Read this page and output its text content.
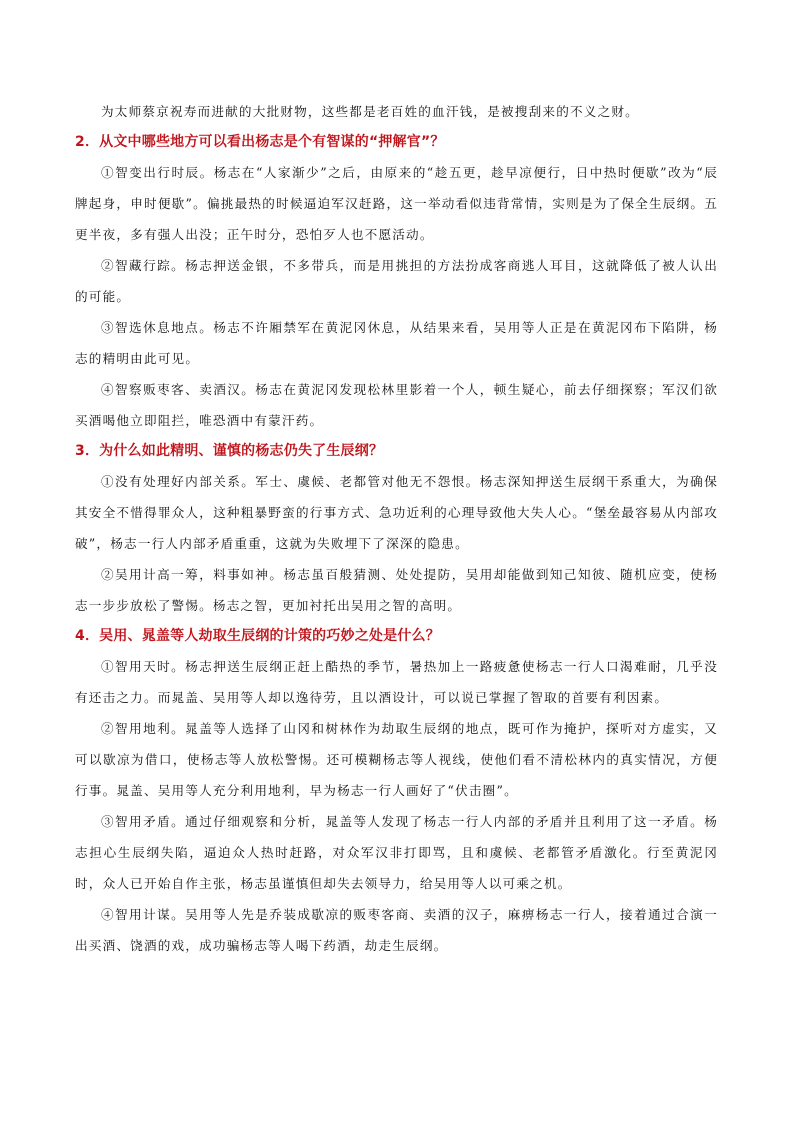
为太师蔡京祝寿而进献的大批财物，这些都是老百姓的血汗钱，是被搜刮来的不义之财。

2．从文中哪些地方可以看出杨志是个有智谋的“押解官”？

①智变出行时辰。杨志在“人家渐少”之后，由原来的“趁五更，趁早凉便行，日中热时便歇”改为“辰牌起身，申时便歇”。偏挑最热的时候逼迫军汉赶路，这一举动看似违背常情，实则是为了保全生辰纲。五更半夜，多有强人出没；正午时分，恐怕歹人也不愿活动。

②智藏行踪。杨志押送金银，不多带兵，而是用挑担的方法扮成客商逃人耳目，这就降低了被人认出的可能。

③智选休息地点。杨志不许厢禁军在黄泥冈休息，从结果来看，吴用等人正是在黄泥冈布下陷阱，杨志的精明由此可见。

④智察贩枣客、卖酒汉。杨志在黄泥冈发现松林里影着一个人，顿生疑心，前去仔细探察；军汉们欲买酒喝他立即阻拦，唯恐酒中有蒙汗药。

3．为什么如此精明、谨慎的杨志仍失了生辰纲？

①没有处理好内部关系。军士、虞候、老都管对他无不怨恨。杨志深知押送生辰纲干系重大，为确保其安全不惜得罪众人，这种粗暴野蛮的行事方式、急功近利的心理导致他大失人心。“堡垒最容易从内部攻破”，杨志一行人内部矛盾重重，这就为失败埋下了深深的隐患。

②吴用计高一筹，料事如神。杨志虽百般猜测、处处提防，吴用却能做到知己知彼、随机应变，使杨志一步步放松了警惕。杨志之智，更加衬托出吴用之智的高明。

4．吴用、晁盖等人劫取生辰纲的计策的巧妙之处是什么？

①智用天时。杨志押送生辰纲正赶上酷热的季节，暑热加上一路疲惫使杨志一行人口渴难耐，几乎没有还击之力。而晁盖、吴用等人却以逸待劳，且以酒设计，可以说已掌握了智取的首要有利因素。

②智用地利。晁盖等人选择了山冈和树林作为劫取生辰纲的地点，既可作为掩护，探听对方虚实，又可以歇凉为借口，使杨志等人放松警惕。还可模糊杨志等人视线，使他们看不清松林内的真实情况，方便行事。晁盖、吴用等人充分利用地利，早为杨志一行人画好了“伏击圈”。

③智用矛盾。通过仔细观察和分析，晁盖等人发现了杨志一行人内部的矛盾并且利用了这一矛盾。杨志担心生辰纲失陷，逼迫众人热时赶路，对众军汉非打即骂，且和虞候、老都管矛盾激化。行至黄泥冈时，众人已开始自作主张，杨志虽谨慎但却失去领导力，给吴用等人以可乘之机。

④智用计谋。吴用等人先是乔装成歇凉的贩枣客商、卖酒的汉子，麻痹杨志一行人，接着通过合演一出买酒、饶酒的戏，成功骗杨志等人喝下药酒，劫走生辰纲。
